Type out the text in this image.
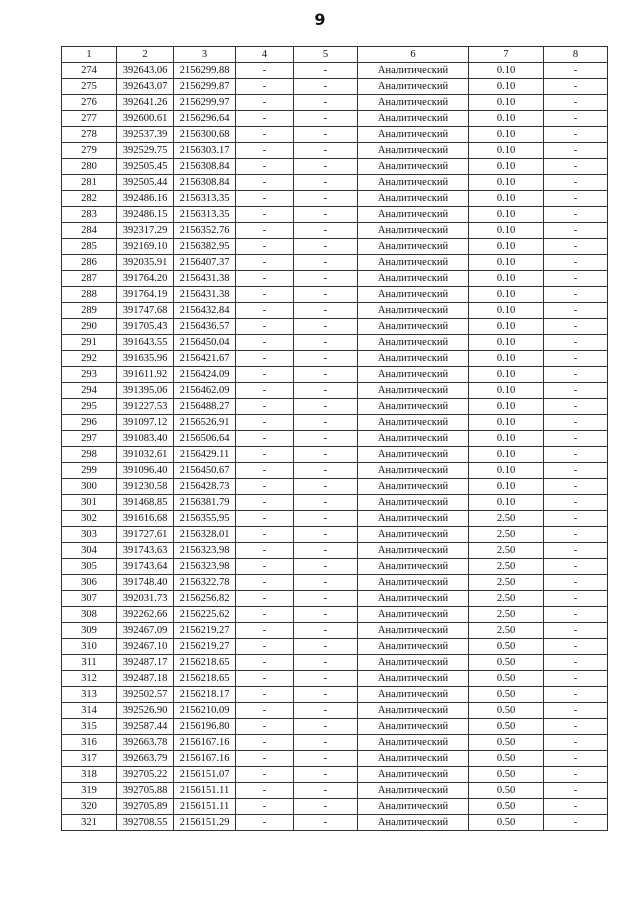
9
1	2	3	4	5	6	7	8
274	392643.06	2156299.88	-	-	Аналитический	0.10	-
275	392643.07	2156299.87	-	-	Аналитический	0.10	-
276	392641.26	2156299.97	-	-	Аналитический	0.10	-
277	392600.61	2156296.64	-	-	Аналитический	0.10	-
278	392537.39	2156300.68	-	-	Аналитический	0.10	-
279	392529.75	2156303.17	-	-	Аналитический	0.10	-
280	392505.45	2156308.84	-	-	Аналитический	0.10	-
281	392505.44	2156308.84	-	-	Аналитический	0.10	-
282	392486.16	2156313.35	-	-	Аналитический	0.10	-
283	392486.15	2156313.35	-	-	Аналитический	0.10	-
284	392317.29	2156352.76	-	-	Аналитический	0.10	-
285	392169.10	2156382.95	-	-	Аналитический	0.10	-
286	392035.91	2156407.37	-	-	Аналитический	0.10	-
287	391764.20	2156431.38	-	-	Аналитический	0.10	-
288	391764.19	2156431.38	-	-	Аналитический	0.10	-
289	391747.68	2156432.84	-	-	Аналитический	0.10	-
290	391705.43	2156436.57	-	-	Аналитический	0.10	-
291	391643.55	2156450.04	-	-	Аналитический	0.10	-
292	391635.96	2156421.67	-	-	Аналитический	0.10	-
293	391611.92	2156424.09	-	-	Аналитический	0.10	-
294	391395.06	2156462.09	-	-	Аналитический	0.10	-
295	391227.53	2156488.27	-	-	Аналитический	0.10	-
296	391097.12	2156526.91	-	-	Аналитический	0.10	-
297	391083.40	2156506.64	-	-	Аналитический	0.10	-
298	391032.61	2156429.11	-	-	Аналитический	0.10	-
299	391096.40	2156450.67	-	-	Аналитический	0.10	-
300	391230.58	2156428.73	-	-	Аналитический	0.10	-
301	391468.85	2156381.79	-	-	Аналитический	0.10	-
302	391616.68	2156355.95	-	-	Аналитический	2.50	-
303	391727.61	2156328.01	-	-	Аналитический	2.50	-
304	391743.63	2156323.98	-	-	Аналитический	2.50	-
305	391743.64	2156323.98	-	-	Аналитический	2.50	-
306	391748.40	2156322.78	-	-	Аналитический	2.50	-
307	392031.73	2156256.82	-	-	Аналитический	2.50	-
308	392262.66	2156225.62	-	-	Аналитический	2.50	-
309	392467.09	2156219.27	-	-	Аналитический	2.50	-
310	392467.10	2156219.27	-	-	Аналитический	0.50	-
311	392487.17	2156218.65	-	-	Аналитический	0.50	-
312	392487.18	2156218.65	-	-	Аналитический	0.50	-
313	392502.57	2156218.17	-	-	Аналитический	0.50	-
314	392526.90	2156210.09	-	-	Аналитический	0.50	-
315	392587.44	2156196.80	-	-	Аналитический	0.50	-
316	392663.78	2156167.16	-	-	Аналитический	0.50	-
317	392663.79	2156167.16	-	-	Аналитический	0.50	-
318	392705.22	2156151.07	-	-	Аналитический	0.50	-
319	392705.88	2156151.11	-	-	Аналитический	0.50	-
320	392705.89	2156151.11	-	-	Аналитический	0.50	-
321	392708.55	2156151.29	-	-	Аналитический	0.50	-
